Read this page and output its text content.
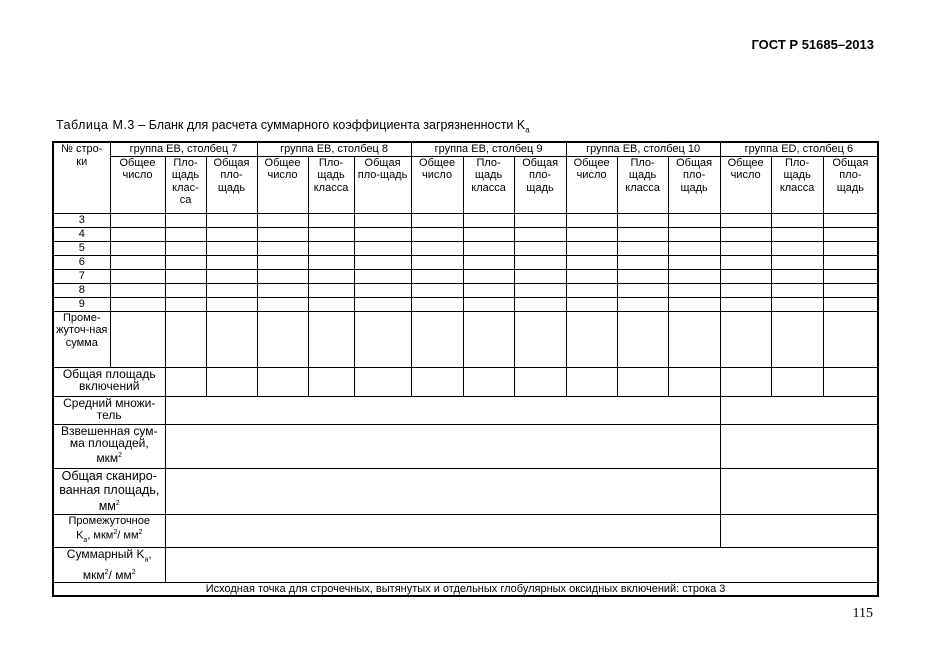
ГОСТ Р 51685–2013
Таблица М.3 – Бланк для расчета суммарного коэффициента загрязненности $K_a$
№ стро-ки	группа ЕВ, столбец 7			группа ЕВ, столбец 8			группа ЕВ, столбец 9			группа ЕВ, столбец 10			группа ED, столбец 6		
	Общее число	Пло-щадь клас-са	Общая пло-щадь	Общее число	Пло-щадь класса	Общая пло-щадь	Общее число	Пло-щадь класса	Общая пло-щадь	Общее число	Пло-щадь класса	Общая пло-щадь	Общее число	Пло-щадь класса	Общая пло-щадь
3															
4															
5															
6															
7															
8															
9															
Проме-жуточ-ная сумма															
Общая площадь включений															
Средний множи-тель															
Взвешенная сум-ма площадей, мкм$^2$		
Общая сканиро-ванная площадь, $мм^2$		

Промежуточное
$K_a$, мкм$^2$/ $мм^2$

Суммарный $K_a$,
мкм$^2$/ $мм^2$

Исходная точка для строчечных, вытянутых и отдельных глобулярных оксидных включений: строка 3															
115
